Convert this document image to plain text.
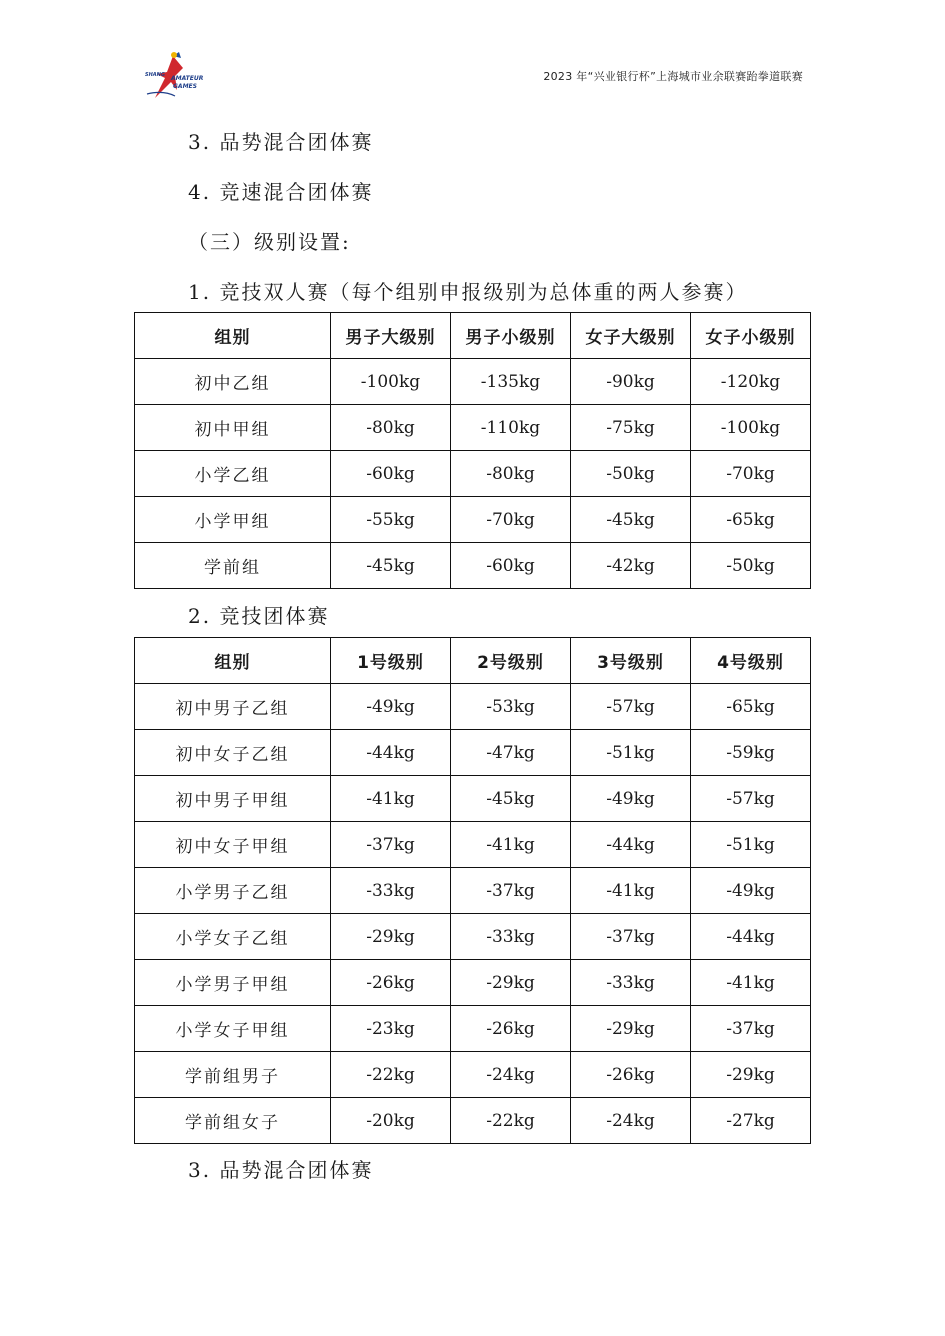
SHANG AMATEUR
GAMES
2023 年“兴业银行杯”上海城市业余联赛跆拳道联赛
3. 品势混合团体赛
4. 竞速混合团体赛
（三）级别设置:
1. 竞技双人赛（每个组别申报级别为总体重的两人参赛）
组别	男子大级别	男子小级别	女子大级别	女子小级别
初中乙组	-100kg	-135kg	-90kg	-120kg
初中甲组	-80kg	-110kg	-75kg	-100kg
小学乙组	-60kg	-80kg	-50kg	-70kg
小学甲组	-55kg	-70kg	-45kg	-65kg
学前组	-45kg	-60kg	-42kg	-50kg
2. 竞技团体赛
组别	1号级别	2号级别	3号级别	4号级别
初中男子乙组	-49kg	-53kg	-57kg	-65kg
初中女子乙组	-44kg	-47kg	-51kg	-59kg
初中男子甲组	-41kg	-45kg	-49kg	-57kg
初中女子甲组	-37kg	-41kg	-44kg	-51kg
小学男子乙组	-33kg	-37kg	-41kg	-49kg
小学女子乙组	-29kg	-33kg	-37kg	-44kg
小学男子甲组	-26kg	-29kg	-33kg	-41kg
小学女子甲组	-23kg	-26kg	-29kg	-37kg
学前组男子	-22kg	-24kg	-26kg	-29kg
学前组女子	-20kg	-22kg	-24kg	-27kg
3. 品势混合团体赛
